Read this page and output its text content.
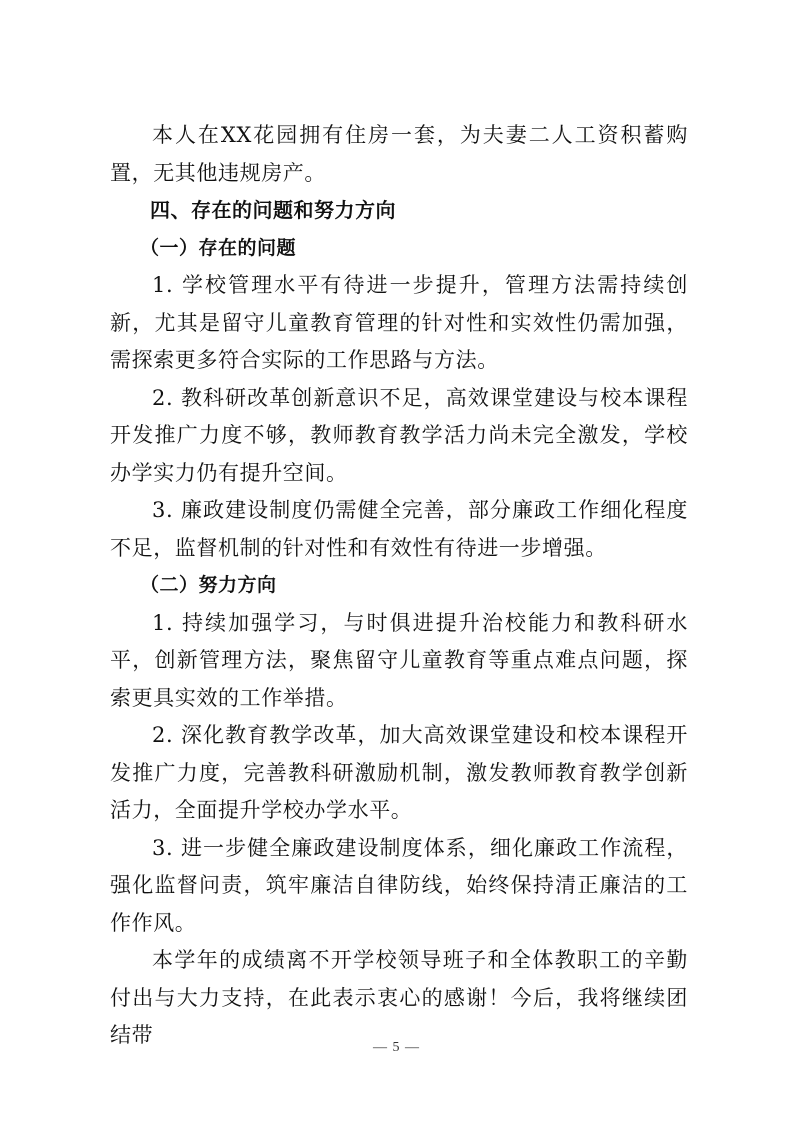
本人在XX花园拥有住房一套，为夫妻二人工资积蓄购置，无其他违规房产。

四、存在的问题和努力方向

（一）存在的问题

1. 学校管理水平有待进一步提升，管理方法需持续创新，尤其是留守儿童教育管理的针对性和实效性仍需加强，需探索更多符合实际的工作思路与方法。

2. 教科研改革创新意识不足，高效课堂建设与校本课程开发推广力度不够，教师教育教学活力尚未完全激发，学校办学实力仍有提升空间。

3. 廉政建设制度仍需健全完善，部分廉政工作细化程度不足，监督机制的针对性和有效性有待进一步增强。

（二）努力方向

1. 持续加强学习，与时俱进提升治校能力和教科研水平，创新管理方法，聚焦留守儿童教育等重点难点问题，探索更具实效的工作举措。

2. 深化教育教学改革，加大高效课堂建设和校本课程开发推广力度，完善教科研激励机制，激发教师教育教学创新活力，全面提升学校办学水平。

3. 进一步健全廉政建设制度体系，细化廉政工作流程，强化监督问责，筑牢廉洁自律防线，始终保持清正廉洁的工作作风。

本学年的成绩离不开学校领导班子和全体教职工的辛勤付出与大力支持，在此表示衷心的感谢！今后，我将继续团结带

— 5 —
